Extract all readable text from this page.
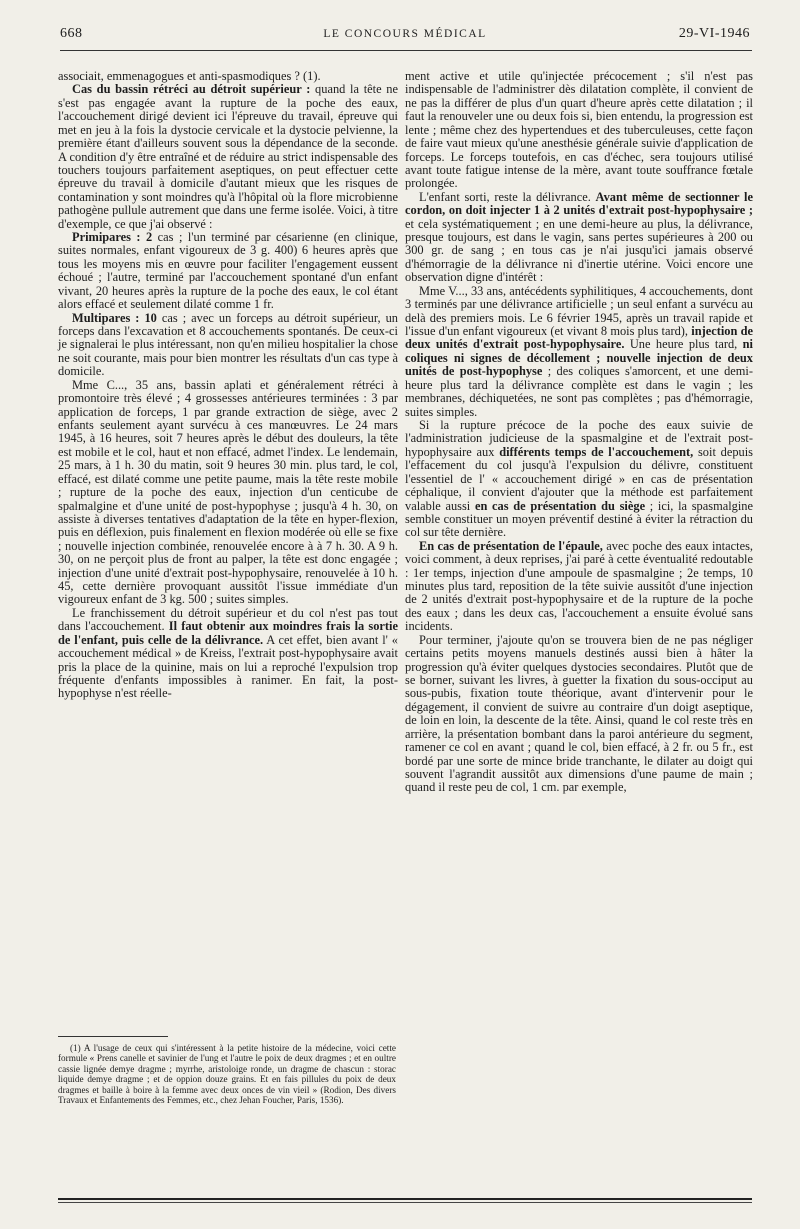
668	LE CONCOURS MÉDICAL	29-VI-1946

associait, emmenagogues et anti-spasmodiques ? (1).

Cas du bassin rétréci au détroit supérieur : quand la tête ne s'est pas engagée avant la rupture de la poche des eaux, l'accouchement dirigé devient ici l'épreuve du travail, épreuve qui met en jeu à la fois la dystocie cervicale et la dystocie pelvienne, la première étant d'ailleurs souvent sous la dépendance de la seconde. A condition d'y être entraîné et de réduire au strict indispensable des touchers toujours parfaitement aseptiques, on peut effectuer cette épreuve du travail à domicile d'autant mieux que les risques de contamination y sont moindres qu'à l'hôpital où la flore microbienne pathogène pullule autrement que dans une ferme isolée. Voici, à titre d'exemple, ce que j'ai observé :

Primipares : 2 cas ; l'un terminé par césarienne (en clinique, suites normales, enfant vigoureux de 3 g. 400) 6 heures après que tous les moyens mis en œuvre pour faciliter l'engagement eussent échoué ; l'autre, terminé par l'accouchement spontané d'un enfant vivant, 20 heures après la rupture de la poche des eaux, le col étant alors effacé et seulement dilaté comme 1 fr.

Multipares : 10 cas ; avec un forceps au détroit supérieur, un forceps dans l'excavation et 8 accouchements spontanés. De ceux-ci je signalerai le plus intéressant, non qu'en milieu hospitalier la chose ne soit courante, mais pour bien montrer les résultats d'un cas type à domicile.

Mme C..., 35 ans, bassin aplati et généralement rétréci à promontoire très élevé ; 4 grossesses antérieures terminées : 3 par application de forceps, 1 par grande extraction de siège, avec 2 enfants seulement ayant survécu à ces manœuvres. Le 24 mars 1945, à 16 heures, soit 7 heures après le début des douleurs, la tête est mobile et le col, haut et non effacé, admet l'index. Le lendemain, 25 mars, à 1 h. 30 du matin, soit 9 heures 30 min. plus tard, le col, effacé, est dilaté comme une petite paume, mais la tête reste mobile ; rupture de la poche des eaux, injection d'un centicube de spalmalgine et d'une unité de post-hypophyse ; jusqu'à 4 h. 30, on assiste à diverses tentatives d'adaptation de la tête en hyper-flexion, puis en déflexion, puis finalement en flexion modérée où elle se fixe ; nouvelle injection combinée, renouvelée encore à à 7 h. 30. A 9 h. 30, on ne perçoit plus de front au palper, la tête est donc engagée ; injection d'une unité d'extrait post-hypophysaire, renouvelée à 10 h. 45, cette dernière provoquant aussitôt l'issue immédiate d'un vigoureux enfant de 3 kg. 500 ; suites simples.

Le franchissement du détroit supérieur et du col n'est pas tout dans l'accouchement. Il faut obtenir aux moindres frais la sortie de l'enfant, puis celle de la délivrance. A cet effet, bien avant l' « accouchement médical » de Kreiss, l'extrait post-hypophysaire avait pris la place de la quinine, mais on lui a reproché l'expulsion trop fréquente d'enfants impossibles à ranimer. En fait, la post-hypophyse n'est réelle-

(1) A l'usage de ceux qui s'intéressent à la petite histoire de la médecine, voici cette formule « Prens canelle et savinier de l'ung et l'autre le poix de deux dragmes ; et en oultre cassie lignée demye dragme ; myrrhe, aristoloige ronde, un dragme de chascun : storac liquide demye dragme ; et de oppion douze grains. Et en fais pillules du poix de deux dragmes et baille à boire à la femme avec deux onces de vin vieil » (Rodion, Des divers Travaux et Enfantements des Femmes, etc., chez Jehan Foucher, Paris, 1536).

ment active et utile qu'injectée précocement ; s'il n'est pas indispensable de l'administrer dès dilatation complète, il convient de ne pas la différer de plus d'un quart d'heure après cette dilatation ; il faut la renouveler une ou deux fois si, bien entendu, la progression est lente ; même chez des hypertendues et des tuberculeuses, cette façon de faire vaut mieux qu'une anesthésie générale suivie d'application de forceps. Le forceps toutefois, en cas d'échec, sera toujours utilisé avant toute fatigue intense de la mère, avant toute souffrance fœtale prolongée.

L'enfant sorti, reste la délivrance. Avant même de sectionner le cordon, on doit injecter 1 à 2 unités d'extrait post-hypophysaire ; et cela systématiquement ; en une demi-heure au plus, la délivrance, presque toujours, est dans le vagin, sans pertes supérieures à 200 ou 300 gr. de sang ; en tous cas je n'ai jusqu'ici jamais observé d'hémorragie de la délivrance ni d'inertie utérine. Voici encore une observation digne d'intérêt :

Mme V..., 33 ans, antécédents syphilitiques, 4 accouchements, dont 3 terminés par une délivrance artificielle ; un seul enfant a survécu au delà des premiers mois. Le 6 février 1945, après un travail rapide et l'issue d'un enfant vigoureux (et vivant 8 mois plus tard), injection de deux unités d'extrait post-hypophysaire. Une heure plus tard, ni coliques ni signes de décollement ; nouvelle injection de deux unités de post-hypophyse ; des coliques s'amorcent, et une demi-heure plus tard la délivrance complète est dans le vagin ; les membranes, déchiquetées, ne sont pas complètes ; pas d'hémorragie, suites simples.

Si la rupture précoce de la poche des eaux suivie de l'administration judicieuse de la spasmalgine et de l'extrait post-hypophysaire aux différents temps de l'accouchement, soit depuis l'effacement du col jusqu'à l'expulsion du délivre, constituent l'essentiel de l' « accouchement dirigé » en cas de présentation céphalique, il convient d'ajouter que la méthode est parfaitement valable aussi en cas de présentation du siège ; ici, la spasmalgine semble constituer un moyen préventif destiné à éviter la rétraction du col sur tête dernière.

En cas de présentation de l'épaule, avec poche des eaux intactes, voici comment, à deux reprises, j'ai paré à cette éventualité redoutable : 1er temps, injection d'une ampoule de spasmalgine ; 2e temps, 10 minutes plus tard, reposition de la tête suivie aussitôt d'une injection de 2 unités d'extrait post-hypophysaire et de la rupture de la poche des eaux ; dans les deux cas, l'accouchement a ensuite évolué sans incidents.

Pour terminer, j'ajoute qu'on se trouvera bien de ne pas négliger certains petits moyens manuels destinés aussi bien à hâter la progression qu'à éviter quelques dystocies secondaires. Plutôt que de se borner, suivant les livres, à guetter la fixation du sous-occiput au sous-pubis, fixation toute théorique, avant d'intervenir pour le dégagement, il convient de suivre au contraire d'un doigt aseptique, de loin en loin, la descente de la tête. Ainsi, quand le col reste très en arrière, la présentation bombant dans la paroi antérieure du segment, ramener ce col en avant ; quand le col, bien effacé, à 2 fr. ou 5 fr., est bordé par une sorte de mince bride tranchante, le dilater au doigt qui souvent l'agrandit aussitôt aux dimensions d'une paume de main ; quand il reste peu de col, 1 cm. par exemple,
